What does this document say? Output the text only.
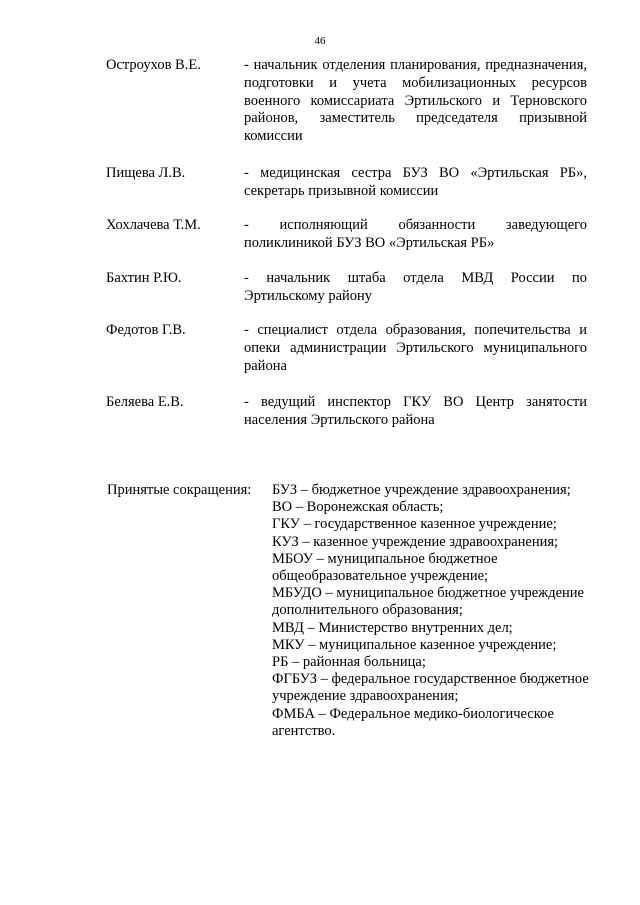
46
Остроухов В.Е.	- начальник отделения планирования, предназначения, подготовки и учета мобилизационных ресурсов военного комиссариата Эртильского и Терновского районов, заместитель председателя призывной комиссии
Пищева Л.В.	- медицинская сестра БУЗ ВО «Эртильская РБ», секретарь призывной комиссии
Хохлачева Т.М.	- исполняющий обязанности заведующего поликлиникой БУЗ ВО «Эртильская РБ»
Бахтин Р.Ю.	- начальник штаба отдела МВД России по Эртильскому району
Федотов Г.В.	- специалист отдела образования, попечительства и опеки администрации Эртильского муниципального района
Беляева Е.В.	- ведущий инспектор ГКУ ВО Центр занятости населения Эртильского района
Принятые сокращения: БУЗ – бюджетное учреждение здравоохранения;

ВО – Воронежская область;

ГКУ – государственное казенное учреждение;

КУЗ – казенное учреждение здравоохранения;

МБОУ – муниципальное бюджетное общеобразовательное учреждение;

МБУДО – муниципальное бюджетное учреждение дополнительного образования;

МВД – Министерство внутренних дел;

МКУ – муниципальное казенное учреждение;

РБ – районная больница;

ФГБУЗ – федеральное государственное бюджетное учреждение здравоохранения;

ФМБА – Федеральное медико-биологическое агентство.
